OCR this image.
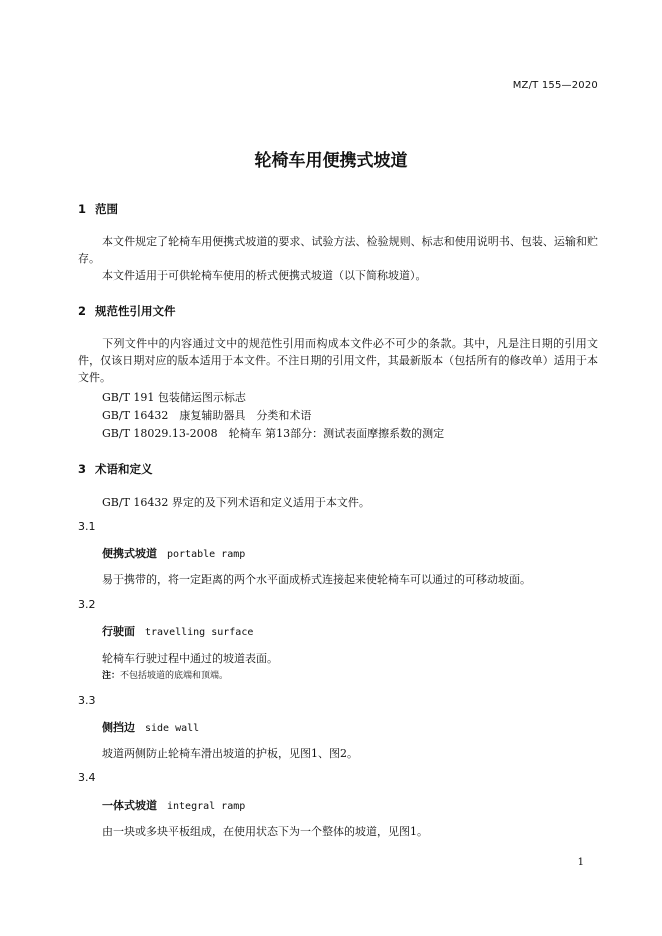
MZ/T 155—2020
轮椅车用便携式坡道
1 范围
本文件规定了轮椅车用便携式坡道的要求、试验方法、检验规则、标志和使用说明书、包装、运输和贮存。
本文件适用于可供轮椅车使用的桥式便携式坡道（以下简称坡道）。
2 规范性引用文件
下列文件中的内容通过文中的规范性引用而构成本文件必不可少的条款。其中，凡是注日期的引用文件，仅该日期对应的版本适用于本文件。不注日期的引用文件，其最新版本（包括所有的修改单）适用于本文件。
GB/T 191 包装储运图示标志
GB/T 16432　康复辅助器具　分类和术语
GB/T 18029.13-2008　轮椅车 第13部分：测试表面摩擦系数的测定
3 术语和定义
GB/T 16432 界定的及下列术语和定义适用于本文件。
3.1
便携式坡道 portable ramp
易于携带的，将一定距离的两个水平面成桥式连接起来使轮椅车可以通过的可移动坡面。
3.2
行驶面 travelling surface
轮椅车行驶过程中通过的坡道表面。
注：不包括坡道的底端和顶端。
3.3
侧挡边 side wall
坡道两侧防止轮椅车滑出坡道的护板，见图1、图2。
3.4
一体式坡道 integral ramp
由一块或多块平板组成，在使用状态下为一个整体的坡道，见图1。
1
